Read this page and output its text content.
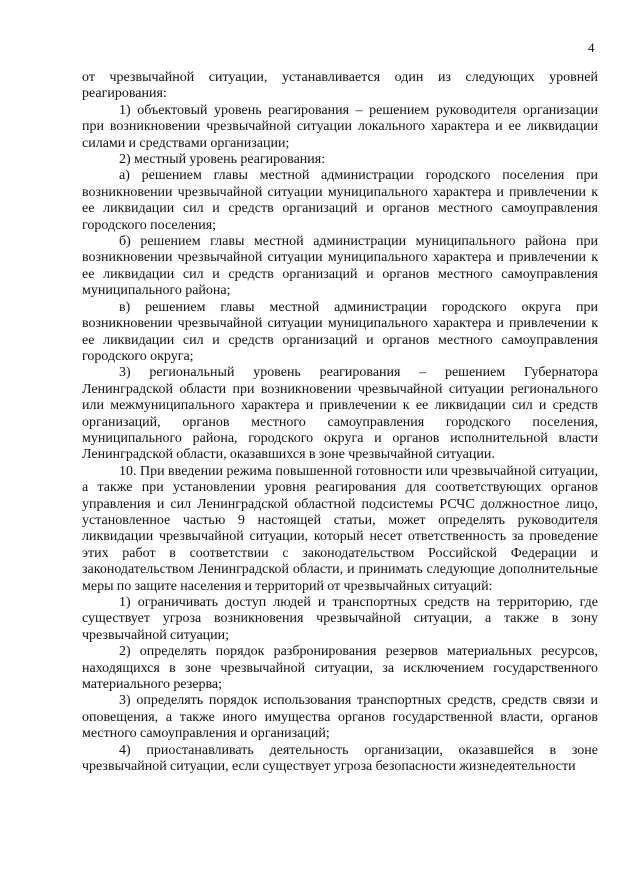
4

от чрезвычайной ситуации, устанавливается один из следующих уровней реагирования:

1) объектовый уровень реагирования – решением руководителя организации при возникновении чрезвычайной ситуации локального характера и ее ликвидации силами и средствами организации;

2) местный уровень реагирования:

а) решением главы местной администрации городского поселения при возникновении чрезвычайной ситуации муниципального характера и привлечении к ее ликвидации сил и средств организаций и органов местного самоуправления городского поселения;

б) решением главы местной администрации муниципального района при возникновении чрезвычайной ситуации муниципального характера и привлечении к ее ликвидации сил и средств организаций и органов местного самоуправления муниципального района;

в) решением главы местной администрации городского округа при возникновении чрезвычайной ситуации муниципального характера и привлечении к ее ликвидации сил и средств организаций и органов местного самоуправления городского округа;

3) региональный уровень реагирования – решением Губернатора Ленинградской области при возникновении чрезвычайной ситуации регионального или межмуниципального характера и привлечении к ее ликвидации сил и средств организаций, органов местного самоуправления городского поселения, муниципального района, городского округа и органов исполнительной власти Ленинградской области, оказавшихся в зоне чрезвычайной ситуации.

10. При введении режима повышенной готовности или чрезвычайной ситуации, а также при установлении уровня реагирования для соответствующих органов управления и сил Ленинградской областной подсистемы РСЧС должностное лицо, установленное частью 9 настоящей статьи, может определять руководителя ликвидации чрезвычайной ситуации, который несет ответственность за проведение этих работ в соответствии с законодательством Российской Федерации и законодательством Ленинградской области, и принимать следующие дополнительные меры по защите населения и территорий от чрезвычайных ситуаций:

1) ограничивать доступ людей и транспортных средств на территорию, где существует угроза возникновения чрезвычайной ситуации, а также в зону чрезвычайной ситуации;

2) определять порядок разбронирования резервов материальных ресурсов, находящихся в зоне чрезвычайной ситуации, за исключением государственного материального резерва;

3) определять порядок использования транспортных средств, средств связи и оповещения, а также иного имущества органов государственной власти, органов местного самоуправления и организаций;

4) приостанавливать деятельность организации, оказавшейся в зоне чрезвычайной ситуации, если существует угроза безопасности жизнедеятельности
